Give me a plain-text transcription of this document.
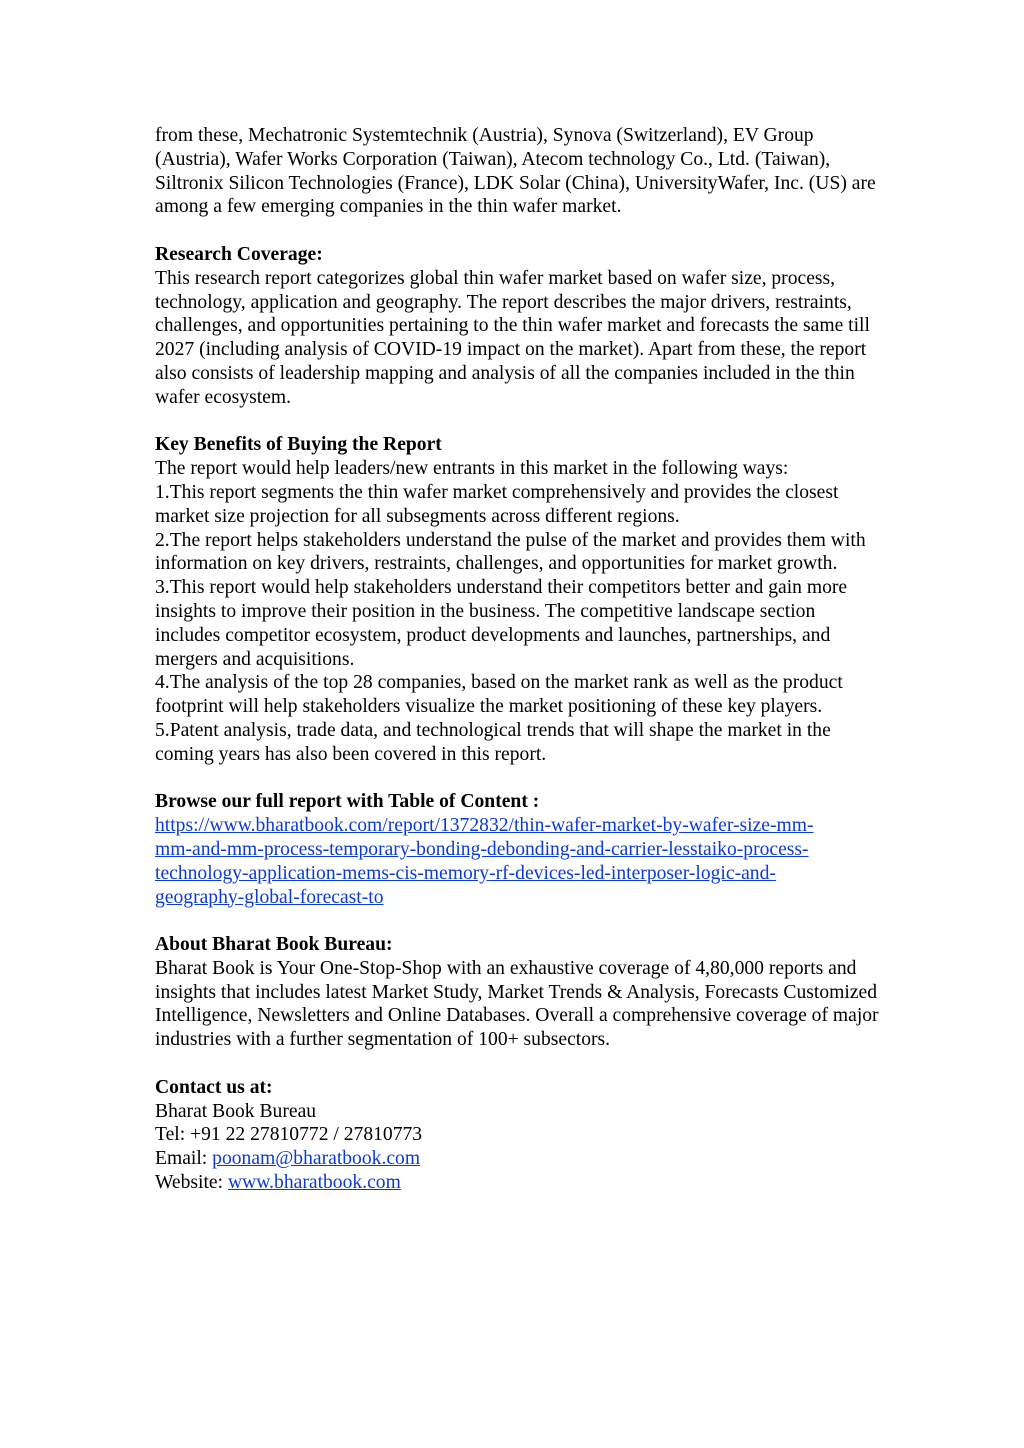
from these, Mechatronic Systemtechnik (Austria), Synova (Switzerland), EV Group (Austria), Wafer Works Corporation (Taiwan), Atecom technology Co., Ltd. (Taiwan), Siltronix Silicon Technologies (France), LDK Solar (China), UniversityWafer, Inc. (US) are among a few emerging companies in the thin wafer market.

Research Coverage:

This research report categorizes global thin wafer market based on wafer size, process, technology, application and geography. The report describes the major drivers, restraints, challenges, and opportunities pertaining to the thin wafer market and forecasts the same till 2027 (including analysis of COVID-19 impact on the market). Apart from these, the report also consists of leadership mapping and analysis of all the companies included in the thin wafer ecosystem.

Key Benefits of Buying the Report

The report would help leaders/new entrants in this market in the following ways:

1.This report segments the thin wafer market comprehensively and provides the closest market size projection for all subsegments across different regions.

2.The report helps stakeholders understand the pulse of the market and provides them with information on key drivers, restraints, challenges, and opportunities for market growth.

3.This report would help stakeholders understand their competitors better and gain more insights to improve their position in the business. The competitive landscape section includes competitor ecosystem, product developments and launches, partnerships, and mergers and acquisitions.

4.The analysis of the top 28 companies, based on the market rank as well as the product footprint will help stakeholders visualize the market positioning of these key players.

5.Patent analysis, trade data, and technological trends that will shape the market in the coming years has also been covered in this report.

Browse our full report with Table of Content :

https://www.bharatbook.com/report/1372832/thin-wafer-market-by-wafer-size-mm-
mm-and-mm-process-temporary-bonding-debonding-and-carrier-lesstaiko-process-
technology-application-mems-cis-memory-rf-devices-led-interposer-logic-and-
geography-global-forecast-to

About Bharat Book Bureau:

Bharat Book is Your One-Stop-Shop with an exhaustive coverage of 4,80,000 reports and insights that includes latest Market Study, Market Trends & Analysis, Forecasts Customized Intelligence, Newsletters and Online Databases. Overall a comprehensive coverage of major industries with a further segmentation of 100+ subsectors.

Contact us at:

Bharat Book Bureau

Tel: +91 22 27810772 / 27810773

Email: poonam@bharatbook.com

Website: www.bharatbook.com
